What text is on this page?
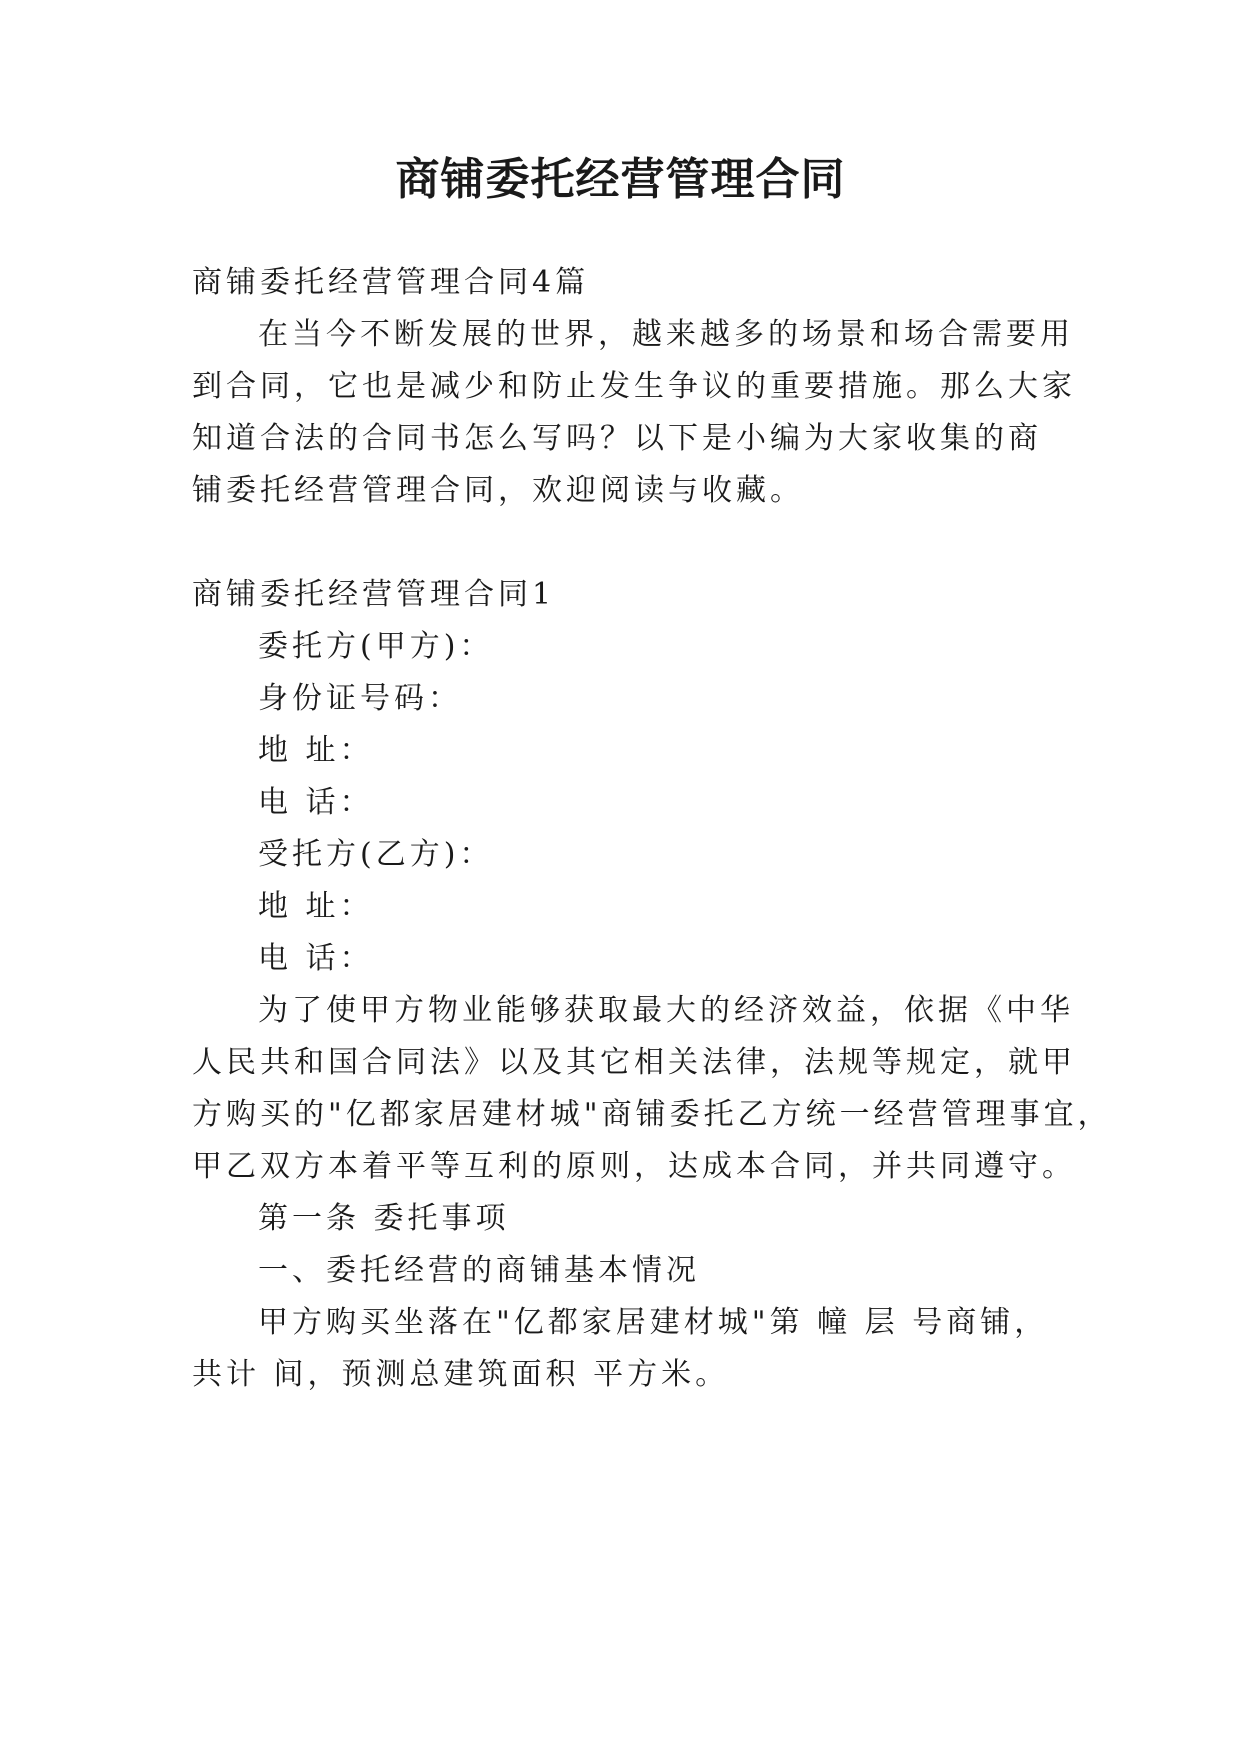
商铺委托经营管理合同

商铺委托经营管理合同4篇

在当今不断发展的世界，越来越多的场景和场合需要用

到合同，它也是减少和防止发生争议的重要措施。那么大家

知道合法的合同书怎么写吗？以下是小编为大家收集的商

铺委托经营管理合同，欢迎阅读与收藏。

商铺委托经营管理合同1

委托方(甲方)：

身份证号码：

地 址：

电 话：

受托方(乙方)：

地 址：

电 话：

为了使甲方物业能够获取最大的经济效益，依据《中华

人民共和国合同法》以及其它相关法律，法规等规定，就甲

方购买的"亿都家居建材城"商铺委托乙方统一经营管理事宜，

甲乙双方本着平等互利的原则，达成本合同，并共同遵守。

第一条 委托事项

一、委托经营的商铺基本情况

甲方购买坐落在"亿都家居建材城"第 幢 层 号商铺，

共计 间，预测总建筑面积 平方米。
